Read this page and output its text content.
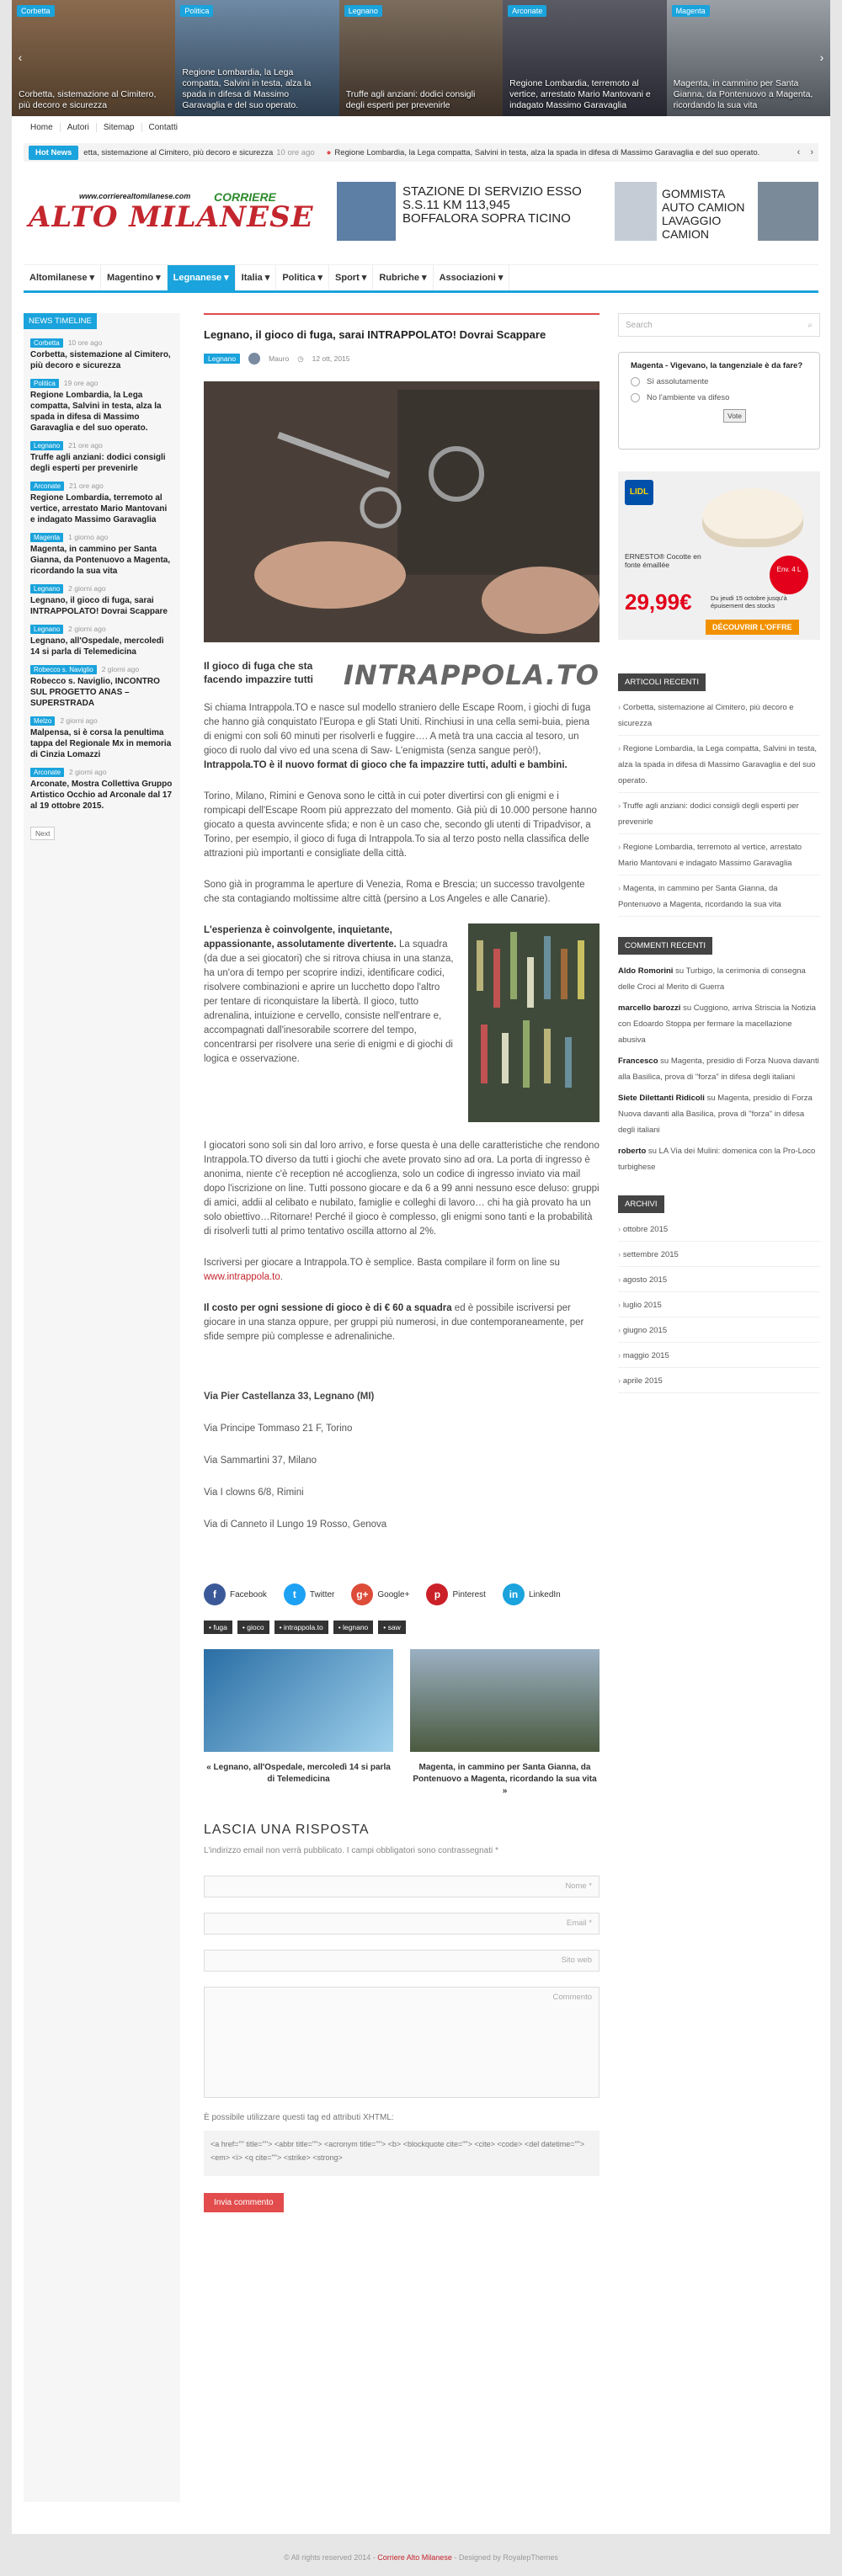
Corbetta
Corbetta, sistemazione al Cimitero, più decoro e sicurezza
Politica
Regione Lombardia, la Lega compatta, Salvini in testa, alza la spada in difesa di Massimo Garavaglia e del suo operato.
Legnano
Truffe agli anziani: dodici consigli degli esperti per prevenirle
Arconate
Regione Lombardia, terremoto al vertice, arrestato Mario Mantovani e indagato Massimo Garavaglia
Magenta
Magenta, in cammino per Santa Gianna, da Pontenuovo a Magenta, ricordando la sua vita
‹	›
Home	Autori	Sitemap	Contatti
Hot News	etta, sistemazione al Cimitero, più decoro e sicurezza 10 ore ago ● Regione Lombardia, la Lega compatta, Salvini in testa, alza la spada in difesa di Massimo Garavaglia e del suo operato.	‹	›
www.corrierealtomilanese.com CORRIERE
ALTO MILANESE
STAZIONE DI SERVIZIO ESSO
S.S.11 KM 113,945
BOFFALORA SOPRA TICINO
GOMMISTA
AUTO CAMION
LAVAGGIO CAMION
Altomilanese ▾	Magentino ▾	Legnanese ▾	Italia ▾	Politica ▾	Sport ▾	Rubriche ▾	Associazioni ▾
NEWS TIMELINE
Corbetta 10 ore ago
Corbetta, sistemazione al Cimitero, più decoro e sicurezza
Politica 19 ore ago
Regione Lombardia, la Lega compatta, Salvini in testa, alza la spada in difesa di Massimo Garavaglia e del suo operato.
Legnano 21 ore ago
Truffe agli anziani: dodici consigli degli esperti per prevenirle
Arconate 21 ore ago
Regione Lombardia, terremoto al vertice, arrestato Mario Mantovani e indagato Massimo Garavaglia
Magenta 1 giorno ago
Magenta, in cammino per Santa Gianna, da Pontenuovo a Magenta, ricordando la sua vita
Legnano 2 giorni ago
Legnano, il gioco di fuga, sarai INTRAPPOLATO! Dovrai Scappare
Legnano 2 giorni ago
Legnano, all'Ospedale, mercoledì 14 si parla di Telemedicina
Robecco s. Naviglio 2 giorni ago
Robecco s. Naviglio, INCONTRO SUL PROGETTO ANAS – SUPERSTRADA
Melzo 2 giorni ago
Malpensa, si è corsa la penultima tappa del Regionale Mx in memoria di Cinzia Lomazzi
Arconate 2 giorni ago
Arconate, Mostra Collettiva Gruppo Artistico Occhio ad Arconale dal 17 al 19 ottobre 2015.
Next
Legnano, il gioco di fuga, sarai INTRAPPOLATO! Dovrai Scappare
Legnano	Mauro ◷ 12 ott, 2015
Il gioco di fuga che sta facendo impazzire tutti	INTRAPPOLA.TO
Si chiama Intrappola.TO e nasce sul modello straniero delle Escape Room, i giochi di fuga che hanno già conquistato l'Europa e gli Stati Uniti. Rinchiusi in una cella semi-buia, piena di enigmi con soli 60 minuti per risolverli e fuggire…. A metà tra una caccia al tesoro, un gioco di ruolo dal vivo ed una scena di Saw- L'enigmista (senza sangue però!), Intrappola.TO è il nuovo format di gioco che fa impazzire tutti, adulti e bambini.
Torino, Milano, Rimini e Genova sono le città in cui poter divertirsi con gli enigmi e i rompicapi dell'Escape Room più apprezzato del momento. Già più di 10.000 persone hanno giocato a questa avvincente sfida; e non è un caso che, secondo gli utenti di Tripadvisor, a Torino, per esempio, il gioco di fuga di Intrappola.To sia al terzo posto nella classifica delle attrazioni più importanti e consigliate della città.
Sono già in programma le aperture di Venezia, Roma e Brescia; un successo travolgente che sta contagiando moltissime altre città (persino a Los Angeles e alle Canarie).
L'esperienza è coinvolgente, inquietante, appassionante, assolutamente divertente. La squadra (da due a sei giocatori) che si ritrova chiusa in una stanza, ha un'ora di tempo per scoprire indizi, identificare codici, risolvere combinazioni e aprire un lucchetto dopo l'altro per tentare di riconquistare la libertà. Il gioco, tutto adrenalina, intuizione e cervello, consiste nell'entrare e, accompagnati dall'inesorabile scorrere del tempo, concentrarsi per risolvere una serie di enigmi e di giochi di logica e osservazione.
I giocatori sono soli sin dal loro arrivo, e forse questa è una delle caratteristiche che rendono Intrappola.TO diverso da tutti i giochi che avete provato sino ad ora. La porta di ingresso è anonima, niente c'è reception né accoglienza, solo un codice di ingresso inviato via mail dopo l'iscrizione on line. Tutti possono giocare e da 6 a 99 anni nessuno esce deluso: gruppi di amici, addii al celibato e nubilato, famiglie e colleghi di lavoro… chi ha già provato ha un solo obiettivo…Ritornare! Perché il gioco è complesso, gli enigmi sono tanti e la probabilità di risolverli tutti al primo tentativo oscilla attorno al 2%.
Iscriversi per giocare a Intrappola.TO è semplice. Basta compilare il form on line su www.intrappola.to.
Il costo per ogni sessione di gioco è di € 60 a squadra ed è possibile iscriversi per giocare in una stanza oppure, per gruppi più numerosi, in due contemporaneamente, per sfide sempre più complesse e adrenaliniche.
Via Pier Castellanza 33, Legnano (MI)
Via Principe Tommaso 21 F, Torino
Via Sammartini 37, Milano
Via I clowns 6/8, Rimini
Via di Canneto il Lungo 19 Rosso, Genova
f	Facebook	t	Twitter	g+	Google+	p	Pinterest	in	LinkedIn
• fuga	• gioco	• intrappola.to	• legnano	• saw
« Legnano, all'Ospedale, mercoledì 14 si parla di Telemedicina
Magenta, in cammino per Santa Gianna, da Pontenuovo a Magenta, ricordando la sua vita »
LASCIA UNA RISPOSTA
L'indirizzo email non verrà pubblicato. I campi obbligatori sono contrassegnati *
Nome *
Email *
Sito web
Commento
È possibile utilizzare questi tag ed attributi XHTML:
<a href="" title=""> <abbr title=""> <acronym title=""> <b> <blockquote cite=""> <cite> <code> <del datetime=""> <em> <i> <q cite=""> <strike> <strong>
Invia commento
Search	⌕
Magenta - Vigevano, la tangenziale è da fare?
Sì assolutamente
No l'ambiente va difeso
Vote
LIDL
ERNESTO® Cocotte en fonte émaillée
Env. 4 L
29,99€	Du jeudi 15 octobre jusqu'à épuisement des stocks
DÉCOUVRIR L'OFFRE
ARTICOLI RECENTI
› Corbetta, sistemazione al Cimitero, più decoro e sicurezza
› Regione Lombardia, la Lega compatta, Salvini in testa, alza la spada in difesa di Massimo Garavaglia e del suo operato.
› Truffe agli anziani: dodici consigli degli esperti per prevenirle
› Regione Lombardia, terremoto al vertice, arrestato Mario Mantovani e indagato Massimo Garavaglia
› Magenta, in cammino per Santa Gianna, da Pontenuovo a Magenta, ricordando la sua vita
COMMENTI RECENTI
Aldo Romorini su Turbigo, la cerimonia di consegna delle Croci al Merito di Guerra
marcello barozzi su Cuggiono, arriva Striscia la Notizia con Edoardo Stoppa per fermare la macellazione abusiva
Francesco su Magenta, presidio di Forza Nuova davanti alla Basilica, prova di "forza" in difesa degli italiani
Siete Dilettanti Ridicoli su Magenta, presidio di Forza Nuova davanti alla Basilica, prova di "forza" in difesa degli italiani
roberto su LA Via dei Mulini: domenica con la Pro-Loco turbighese
ARCHIVI
› ottobre 2015
› settembre 2015
› agosto 2015
› luglio 2015
› giugno 2015
› maggio 2015
› aprile 2015
© All rights reserved 2014 - Corriere Alto Milanese - Designed by RoyalepThemes
